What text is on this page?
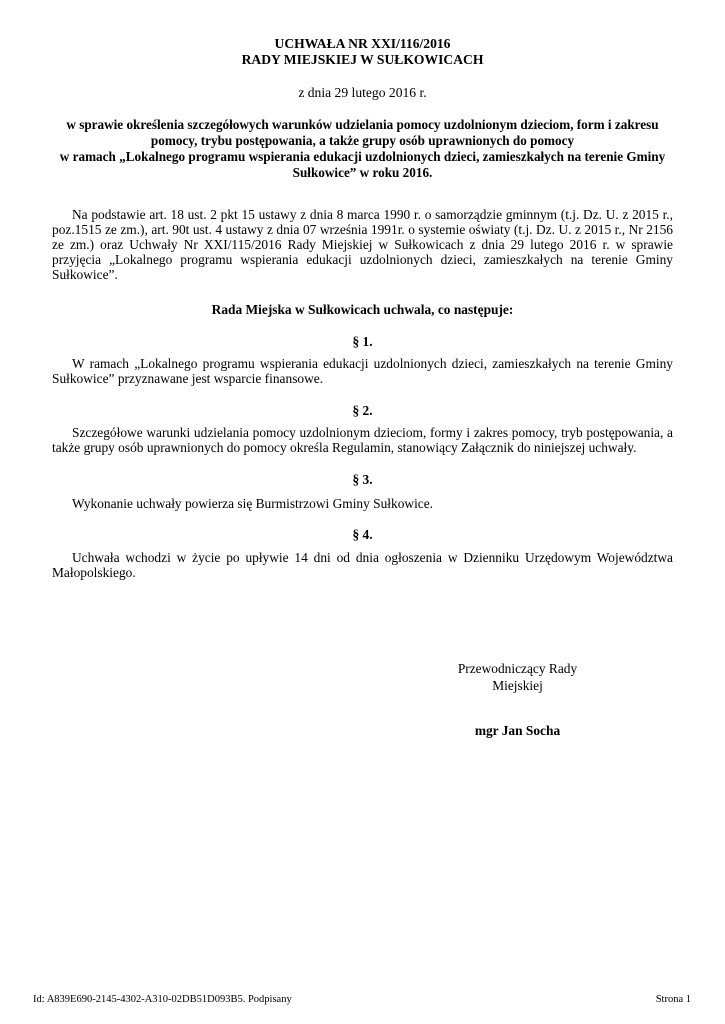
UCHWAŁA NR XXI/116/2016
RADY MIEJSKIEJ W SUŁKOWICACH
z dnia 29 lutego 2016 r.
w sprawie określenia szczegółowych warunków udzielania pomocy uzdolnionym dzieciom, form i zakresu
pomocy, trybu postępowania, a także grupy osób uprawnionych do pomocy
w ramach „Lokalnego programu wspierania edukacji uzdolnionych dzieci, zamieszkałych na terenie Gminy
Sułkowice” w roku 2016.
Na podstawie art. 18 ust. 2 pkt 15 ustawy z dnia 8 marca 1990 r. o samorządzie gminnym (t.j. Dz. U. z 2015 r., poz.1515 ze zm.), art. 90t ust. 4 ustawy z dnia 07 września 1991r. o systemie oświaty (t.j. Dz. U. z 2015 r., Nr 2156 ze zm.) oraz Uchwały Nr XXI/115/2016 Rady Miejskiej w Sułkowicach z dnia 29 lutego 2016 r. w sprawie przyjęcia „Lokalnego programu wspierania edukacji uzdolnionych dzieci, zamieszkałych na terenie Gminy Sułkowice”.
Rada Miejska w Sułkowicach uchwala, co następuje:
§ 1.
W ramach „Lokalnego programu wspierania edukacji uzdolnionych dzieci, zamieszkałych na terenie Gminy Sułkowice” przyznawane jest wsparcie finansowe.
§ 2.
Szczegółowe warunki udzielania pomocy uzdolnionym dzieciom, formy i zakres pomocy, tryb postępowania, a także grupy osób uprawnionych do pomocy określa Regulamin, stanowiący Załącznik do niniejszej uchwały.
§ 3.
Wykonanie uchwały powierza się Burmistrzowi Gminy Sułkowice.
§ 4.
Uchwała wchodzi w życie po upływie 14 dni od dnia ogłoszenia w Dzienniku Urzędowym Województwa Małopolskiego.
Przewodniczący Rady
Miejskiej
mgr Jan Socha
Id: A839E690-2145-4302-A310-02DB51D093B5. Podpisany	Strona 1
